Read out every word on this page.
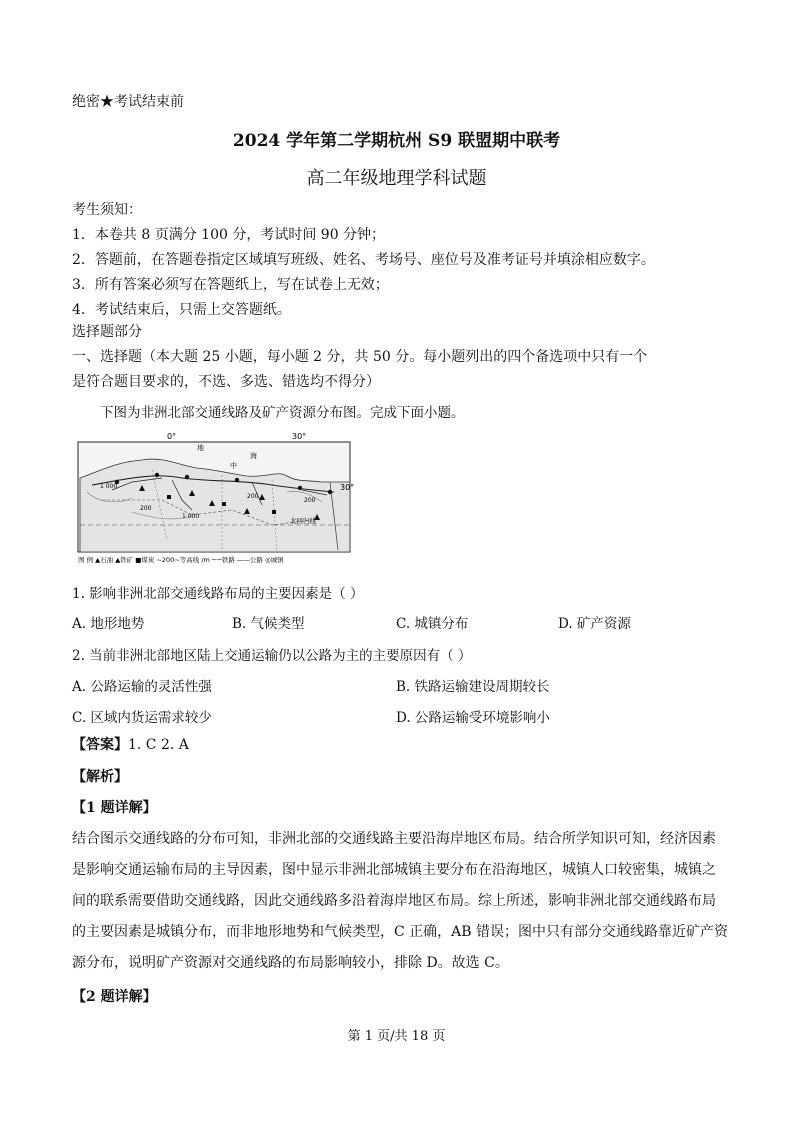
绝密★考试结束前
2024 学年第二学期杭州 S9 联盟期中联考
高二年级地理学科试题
考生须知：
1．本卷共 8 页满分 100 分，考试时间 90 分钟；
2．答题前，在答题卷指定区域填写班级、姓名、考场号、座位号及准考证号并填涂相应数字。
3．所有答案必须写在答题纸上，写在试卷上无效；
4．考试结束后，只需上交答题纸。
选择题部分
一、选择题（本大题 25 小题，每小题 2 分，共 50 分。每小题列出的四个备选项中只有一个
是符合题目要求的，不选、多选、错选均不得分）
下图为非洲北部交通线路及矿产资源分布图。完成下面小题。
0°	30°
30°
地
中
海
北回归线
1 000
200
1 000
200
200
图 例 ▲石油 ▲铁矿 ■煤炭 ~200~等高线 /m ─·─铁路 ——公路 ◎城镇
1. 影响非洲北部交通线路布局的主要因素是（ ）
A. 地形地势	B. 气候类型	C. 城镇分布	D. 矿产资源
2. 当前非洲北部地区陆上交通运输仍以公路为主的主要原因有（ ）
A. 公路运输的灵活性强	B. 铁路运输建设周期较长
C. 区域内货运需求较少	D. 公路运输受环境影响小
【答案】1. C 2. A
【解析】
【1 题详解】
结合图示交通线路的分布可知，非洲北部的交通线路主要沿海岸地区布局。结合所学知识可知，经济因素
是影响交通运输布局的主导因素，图中显示非洲北部城镇主要分布在沿海地区，城镇人口较密集，城镇之
间的联系需要借助交通线路，因此交通线路多沿着海岸地区布局。综上所述，影响非洲北部交通线路布局
的主要因素是城镇分布，而非地形地势和气候类型，C 正确，AB 错误；图中只有部分交通线路靠近矿产资
源分布，说明矿产资源对交通线路的布局影响较小，排除 D。故选 C。
【2 题详解】
第 1 页/共 18 页
